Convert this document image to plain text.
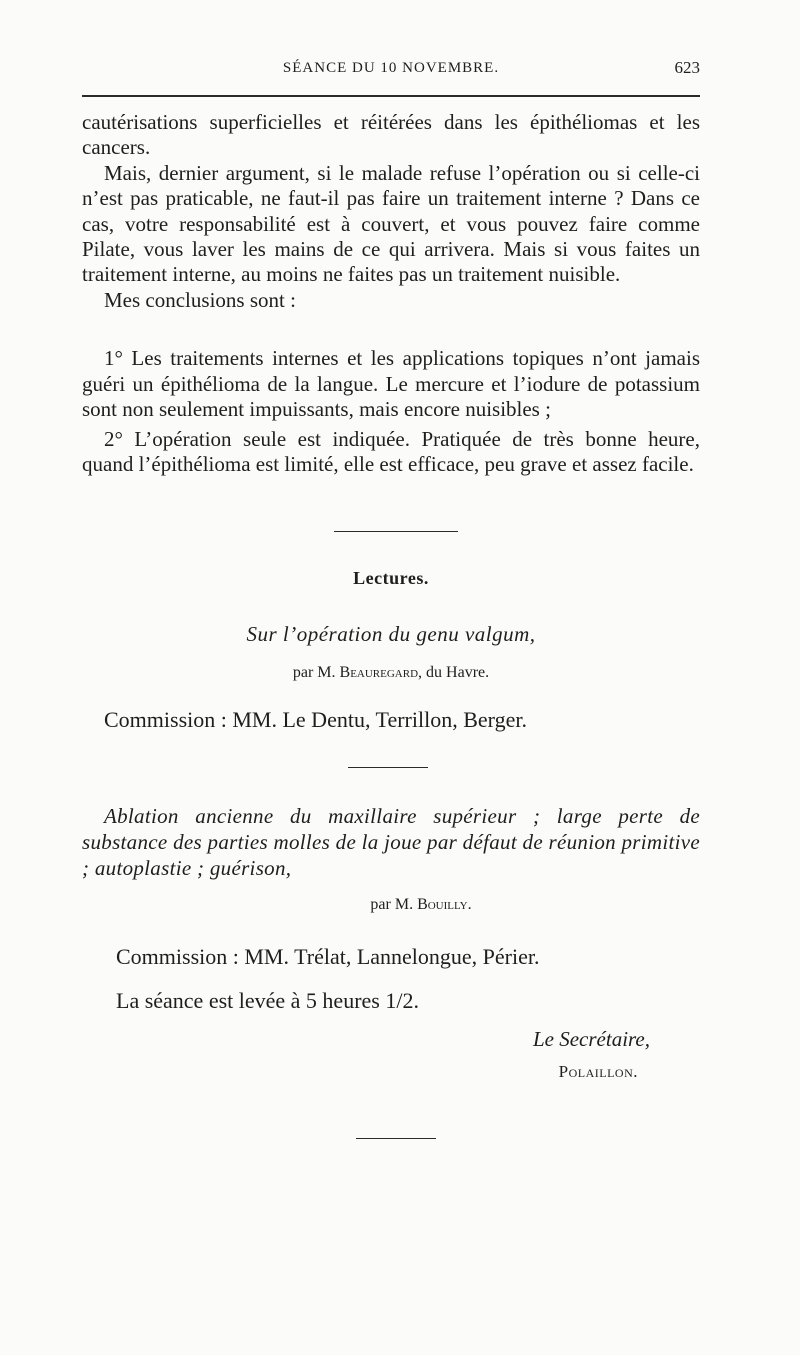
SÉANCE DU 10 NOVEMBRE.	623

cautérisations superficielles et réitérées dans les épithéliomas et les cancers.

Mais, dernier argument, si le malade refuse l’opération ou si celle-ci n’est pas praticable, ne faut-il pas faire un traitement interne ? Dans ce cas, votre responsabilité est à couvert, et vous pouvez faire comme Pilate, vous laver les mains de ce qui arrivera. Mais si vous faites un traitement interne, au moins ne faites pas un traitement nuisible.

Mes conclusions sont :

1° Les traitements internes et les applications topiques n’ont jamais guéri un épithélioma de la langue. Le mercure et l’iodure de potassium sont non seulement impuissants, mais encore nuisibles ;

2° L’opération seule est indiquée. Pratiquée de très bonne heure, quand l’épithélioma est limité, elle est efficace, peu grave et assez facile.

Lectures.
Sur l’opération du genu valgum,
par M. Beauregard, du Havre.
Commission : MM. Le Dentu, Terrillon, Berger.
Ablation ancienne du maxillaire supérieur ; large perte de substance des parties molles de la joue par défaut de réunion primitive ; autoplastie ; guérison,
par M. Bouilly.
Commission : MM. Trélat, Lannelongue, Périer.
La séance est levée à 5 heures 1/2.
Le Secrétaire,
Polaillon.
